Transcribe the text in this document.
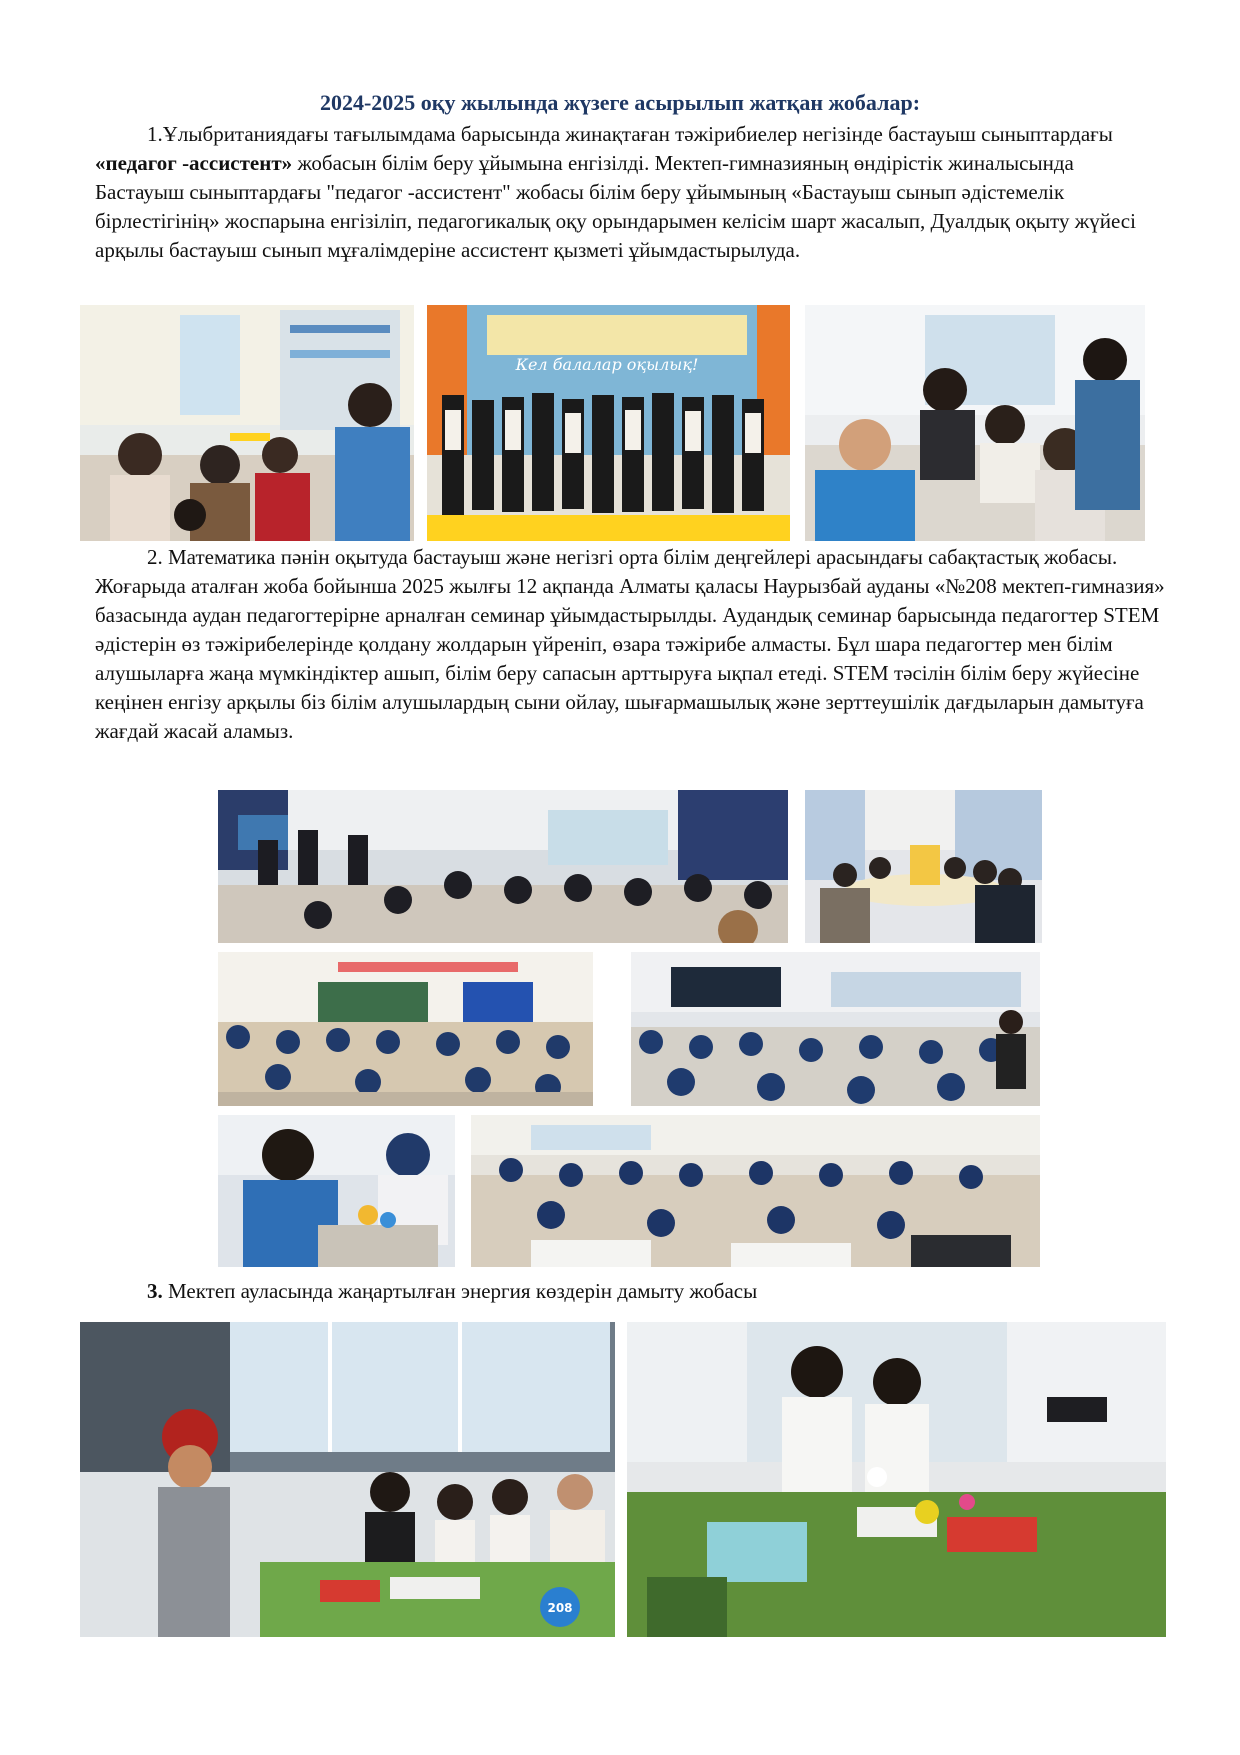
2024-2025 оқу жылында жүзеге асырылып жатқан жобалар:

1.Ұлыбританиядағы тағылымдама барысында жинақтаған тәжірибиелер негізінде бастауыш сыныптардағы «педагог -ассистент» жобасын білім беру ұйымына енгізілді. Мектеп-гимназияның өндірістік жиналысында Бастауыш сыныптардағы "педагог -ассистент" жобасы білім беру ұйымының «Бастауыш сынып әдістемелік бірлестігінің» жоспарына енгізіліп, педагогикалық оқу орындарымен келісім шарт жасалып, Дуалдық оқыту жүйесі арқылы бастауыш сынып мұғалімдеріне ассистент қызметі ұйымдастырылуда.

Кел балалар оқылық!

2. Математика пәнін оқытуда бастауыш және негізгі орта білім деңгейлері арасындағы сабақтастық жобасы. Жоғарыда аталған жоба бойынша 2025 жылғы 12 ақпанда Алматы қаласы Наурызбай ауданы «№208 мектеп-гимназия» базасында аудан педагогтерірне арналған семинар ұйымдастырылды. Аудандық семинар барысында педагогтер STEM әдістерін өз тәжірибелерінде қолдану жолдарын үйреніп, өзара тәжірибе алмасты. Бұл шара педагогтер мен білім алушыларға жаңа мүмкіндіктер ашып, білім беру сапасын арттыруға ықпал етеді. STEM тәсілін білім беру жүйесіне кеңінен енгізу арқылы біз білім алушылардың сыни ойлау, шығармашылық және зерттеушілік дағдыларын дамытуға жағдай жасай аламыз.

3. Мектеп ауласында жаңартылған энергия көздерін дамыту жобасы

208
